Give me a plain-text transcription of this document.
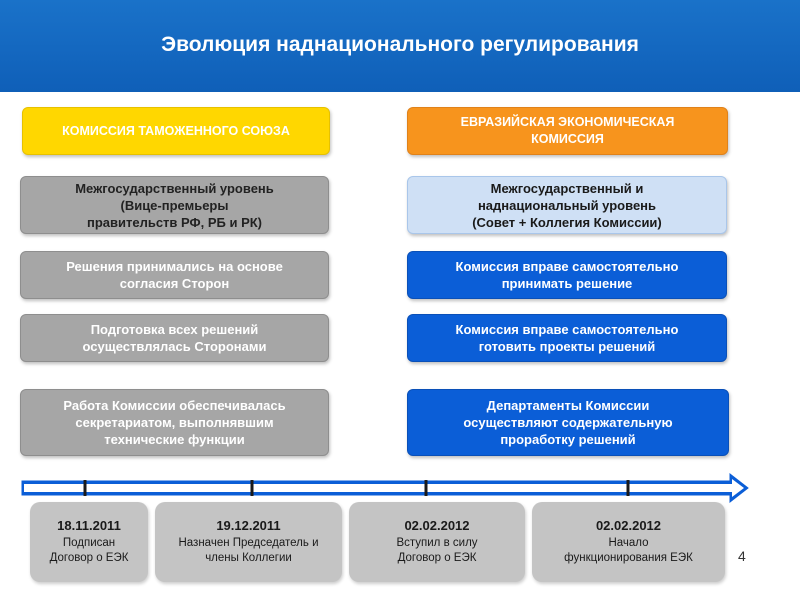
Эволюция наднационального регулирования
КОМИССИЯ ТАМОЖЕННОГО СОЮЗА
Межгосударственный уровень
(Вице-премьеры
правительств РФ, РБ и РК)
Решения принимались на основе
согласия Сторон
Подготовка всех решений
осуществлялась Сторонами
Работа Комиссии обеспечивалась
секретариатом, выполнявшим
технические функции
ЕВРАЗИЙСКАЯ ЭКОНОМИЧЕСКАЯ
КОМИССИЯ
Межгосударственный и
наднациональный уровень
(Совет + Коллегия Комиссии)
Комиссия вправе самостоятельно
принимать решение
Комиссия вправе самостоятельно
готовить проекты решений
Департаменты Комиссии
осуществляют содержательную
проработку решений
18.11.2011
Подписан
Договор о ЕЭК
19.12.2011
Назначен Председатель и
члены Коллегии
02.02.2012
Вступил в силу
Договор о ЕЭК
02.02.2012
Начало
функционирования ЕЭК	4
